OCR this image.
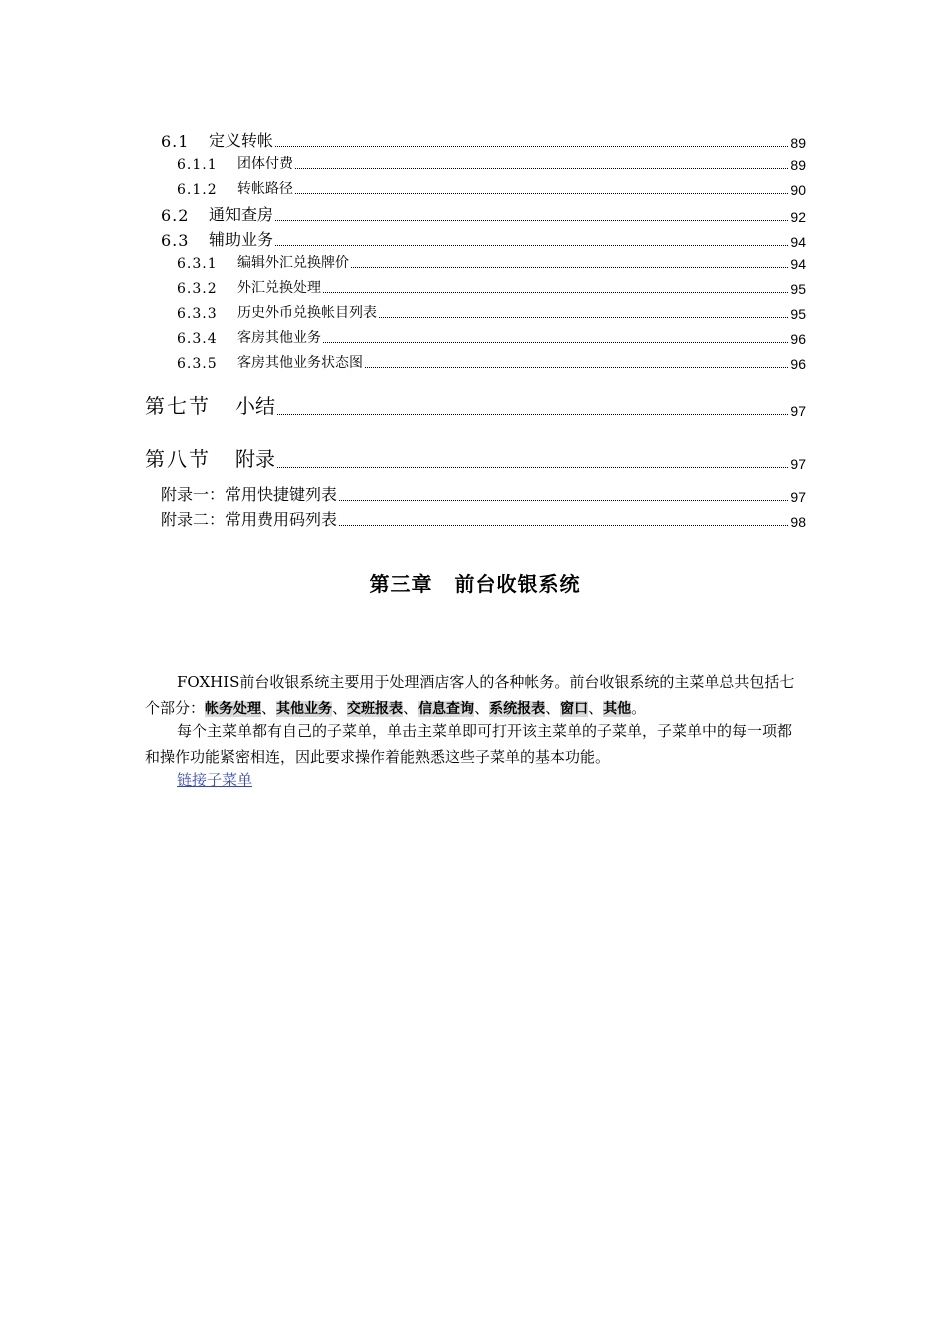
6.1	定义转帐	89
6.1.1	团体付费	89
6.1.2	转帐路径	90
6.2	通知查房	92
6.3	辅助业务	94
6.3.1	编辑外汇兑换牌价	94
6.3.2	外汇兑换处理	95
6.3.3	历史外币兑换帐目列表	95
6.3.4	客房其他业务	96
6.3.5	客房其他业务状态图	96
第七节	小结	97
第八节	附录	97
附录一：常用快捷键列表	97
附录二：常用费用码列表	98
第三章 前台收银系统
FOXHIS前台收银系统主要用于处理酒店客人的各种帐务。前台收银系统的主菜单总共包括七个部分：帐务处理、其他业务、交班报表、信息查询、系统报表、窗口、其他。
每个主菜单都有自己的子菜单，单击主菜单即可打开该主菜单的子菜单，子菜单中的每一项都和操作功能紧密相连，因此要求操作着能熟悉这些子菜单的基本功能。
链接子菜单
